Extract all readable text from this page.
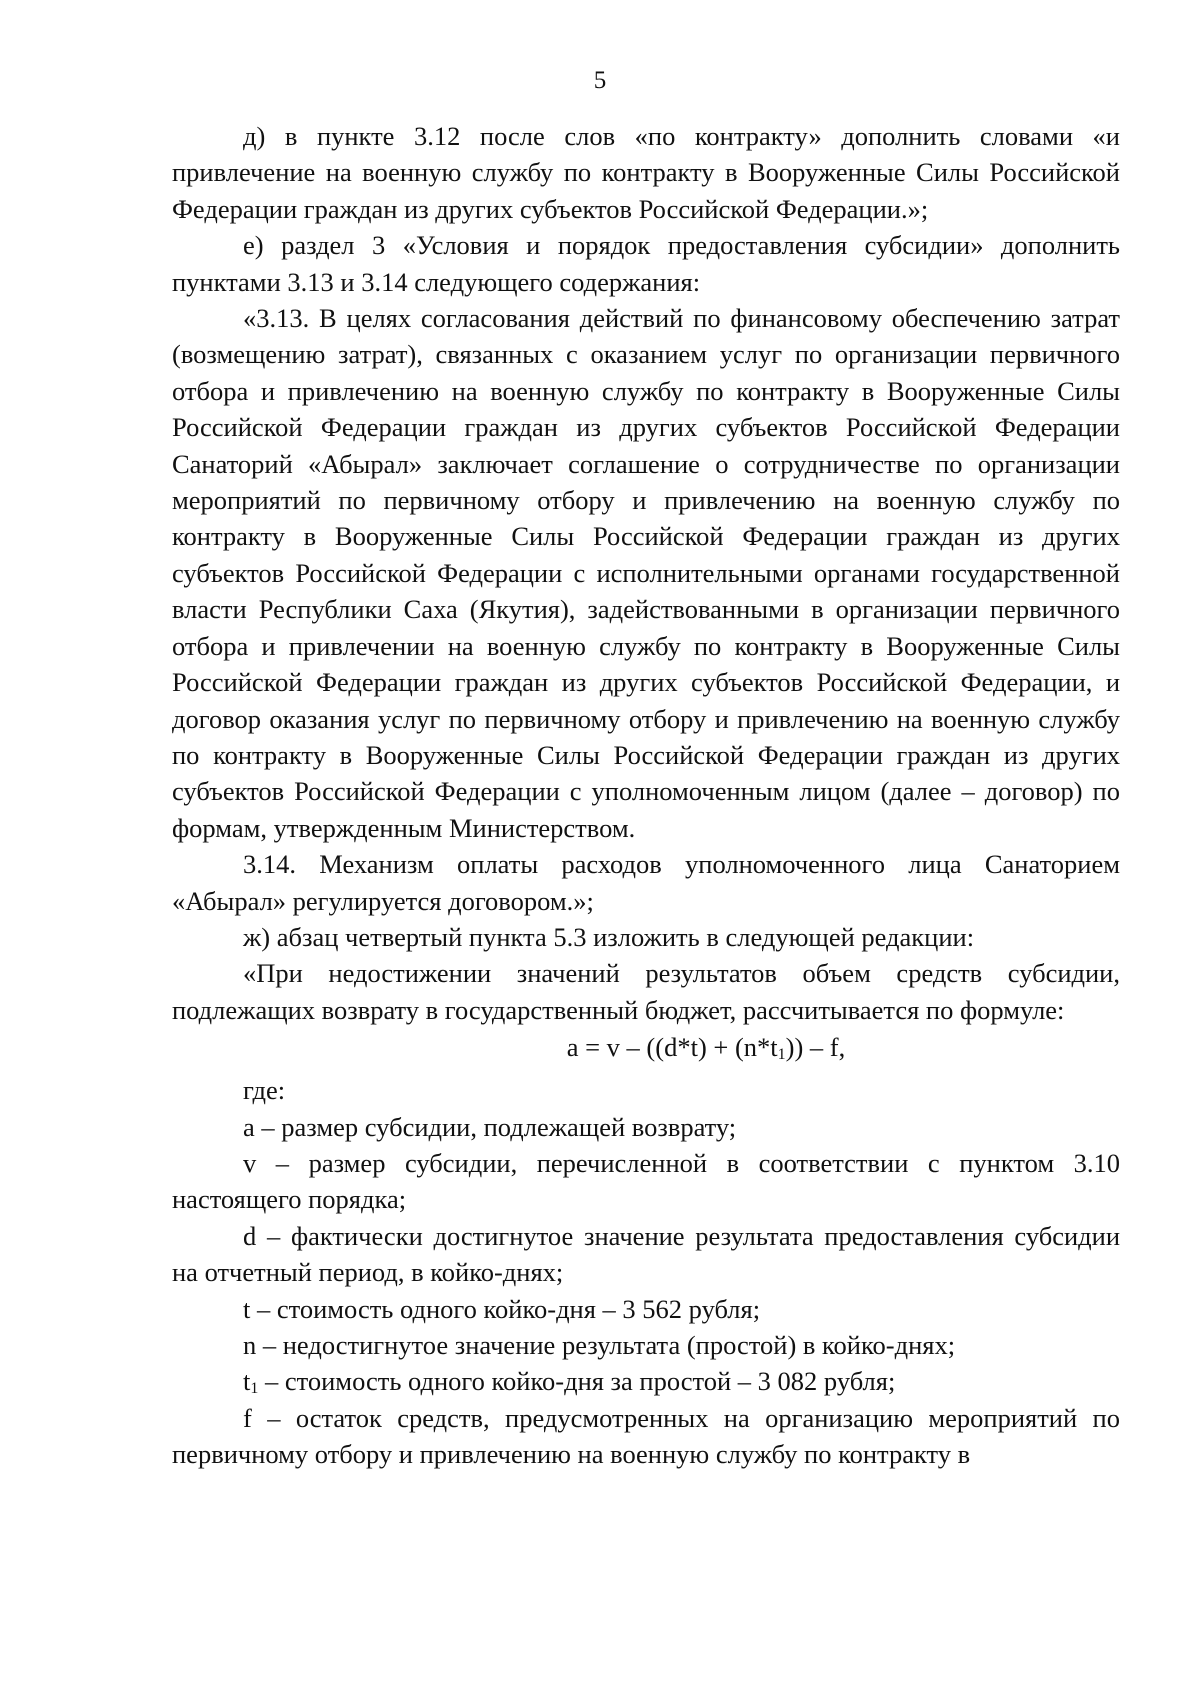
5

д) в пункте 3.12 после слов «по контракту» дополнить словами «и привлечение на военную службу по контракту в Вооруженные Силы Российской Федерации граждан из других субъектов Российской Федерации.»;

е) раздел 3 «Условия и порядок предоставления субсидии» дополнить пунктами 3.13 и 3.14 следующего содержания:

«3.13. В целях согласования действий по финансовому обеспечению затрат (возмещению затрат), связанных с оказанием услуг по организации первичного отбора и привлечению на военную службу по контракту в Вооруженные Силы Российской Федерации граждан из других субъектов Российской Федерации Санаторий «Абырал» заключает соглашение о сотрудничестве по организации мероприятий по первичному отбору и привлечению на военную службу по контракту в Вооруженные Силы Российской Федерации граждан из других субъектов Российской Федерации с исполнительными органами государственной власти Республики Саха (Якутия), задействованными в организации первичного отбора и привлечении на военную службу по контракту в Вооруженные Силы Российской Федерации граждан из других субъектов Российской Федерации, и договор оказания услуг по первичному отбору и привлечению на военную службу по контракту в Вооруженные Силы Российской Федерации граждан из других субъектов Российской Федерации с уполномоченным лицом (далее – договор) по формам, утвержденным Министерством.

3.14. Механизм оплаты расходов уполномоченного лица Санаторием «Абырал» регулируется договором.»;

ж) абзац четвертый пункта 5.3 изложить в следующей редакции:

«При недостижении значений результатов объем средств субсидии, подлежащих возврату в государственный бюджет, рассчитывается по формуле:

$a = v - ((d*t) + (n*t_1)) - f$,

где:

a – размер субсидии, подлежащей возврату;

v – размер субсидии, перечисленной в соответствии с пунктом 3.10 настоящего порядка;

d – фактически достигнутое значение результата предоставления субсидии на отчетный период, в койко-днях;

t – стоимость одного койко-дня – 3 562 рубля;

n – недостигнутое значение результата (простой) в койко-днях;

$t_1$ – стоимость одного койко-дня за простой – 3 082 рубля;

f – остаток средств, предусмотренных на организацию мероприятий по первичному отбору и привлечению на военную службу по контракту в
